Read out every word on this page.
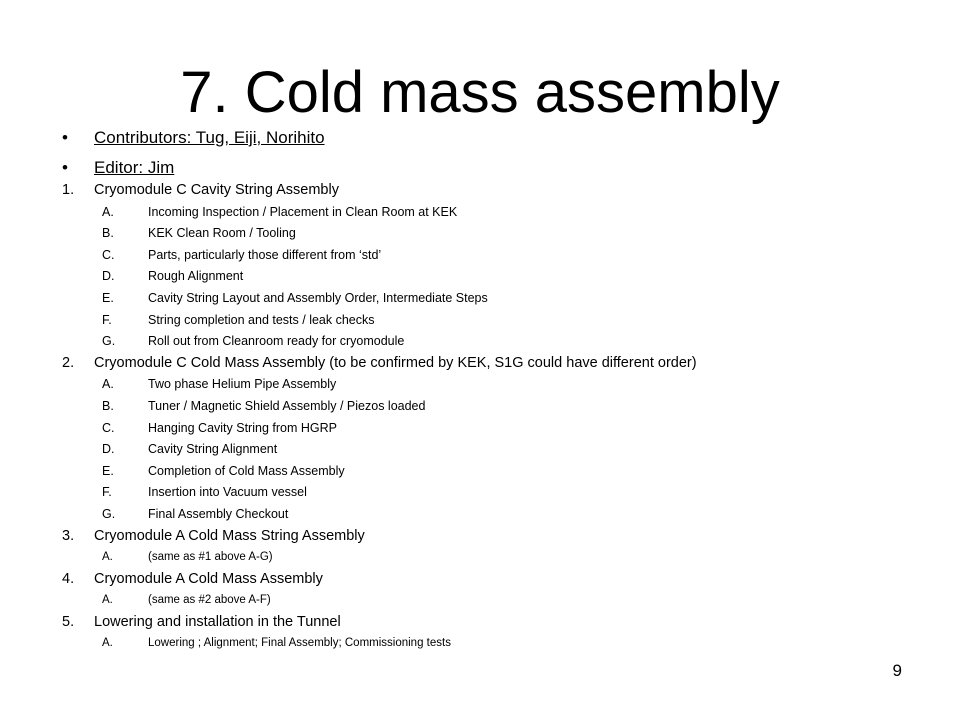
7. Cold mass assembly
• Contributors: Tug, Eiji, Norihito
• Editor: Jim
1. Cryomodule C Cavity String Assembly
A.	Incoming Inspection / Placement in Clean Room at KEK
B.	KEK Clean Room / Tooling
C.	Parts, particularly those different from ‘std’
D.	Rough Alignment
E.	Cavity String Layout and Assembly Order, Intermediate Steps
F.	String completion and tests / leak checks
G.	Roll out from Cleanroom ready for cryomodule
2. Cryomodule C Cold Mass Assembly (to be confirmed by KEK, S1G could have different order)
A.	Two phase Helium Pipe Assembly
B.	Tuner / Magnetic Shield Assembly / Piezos loaded
C.	Hanging Cavity String from HGRP
D.	Cavity String Alignment
E.	Completion of Cold Mass Assembly
F.	Insertion into Vacuum vessel
G.	Final Assembly Checkout
3. Cryomodule A Cold Mass String Assembly
A.	(same as #1 above A-G)
4. Cryomodule A Cold Mass Assembly
A.	(same as #2 above A-F)
5. Lowering and installation in the Tunnel
A.	Lowering ; Alignment; Final Assembly; Commissioning tests
9
